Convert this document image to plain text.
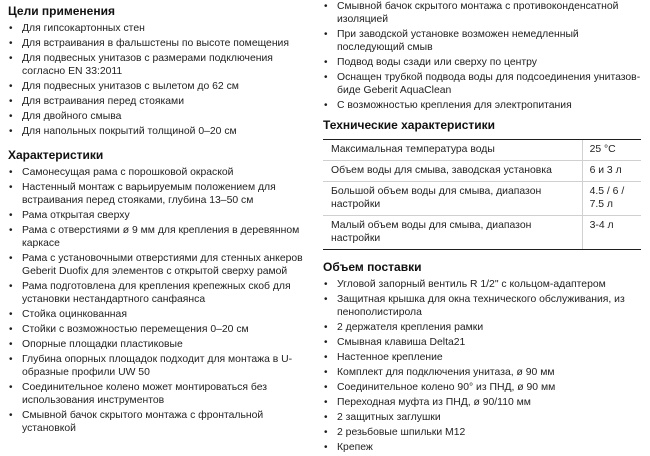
Цели применения
• Для гипсокартонных стен
• Для встраивания в фальшстены по высоте помещения
• Для подвесных унитазов с размерами подключения согласно EN 33:2011
• Для подвесных унитазов с вылетом до 62 см
• Для встраивания перед стояками
• Для двойного смыва
• Для напольных покрытий толщиной 0–20 см
Характеристики
• Самонесущая рама с порошковой окраской
• Настенный монтаж с варьируемым положением для встраивания перед стояками, глубина 13–50 см
• Рама открытая сверху
• Рама с отверстиями ø 9 мм для крепления в деревянном каркасе
• Рама с установочными отверстиями для стенных анкеров Geberit Duofix для элементов с открытой сверху рамой
• Рама подготовлена для крепления крепежных скоб для установки нестандартного санфаянса
• Стойка оцинкованная
• Стойки с возможностью перемещения 0–20 см
• Опорные площадки пластиковые
• Глубина опорных площадок подходит для монтажа в U-образные профили UW 50
• Соединительное колено может монтироваться без использования инструментов
• Смывной бачок скрытого монтажа с фронтальной установкой
• Смывной бачок скрытого монтажа с противоконденсатной изоляцией
• При заводской установке возможен немедленный последующий смыв
• Подвод воды сзади или сверху по центру
• Оснащен трубкой подвода воды для подсоединения унитазов-биде Geberit AquaClean
• С возможностью крепления для электропитания
Технические характеристики
Максимальная температура воды	25 °C
Объем воды для смыва, заводская установка	6 и 3 л
Большой объем воды для смыва, диапазон настройки	4.5 / 6 / 7.5 л
Малый объем воды для смыва, диапазон настройки	3-4 л
Объем поставки
• Угловой запорный вентиль R 1/2" с кольцом-адаптером
• Защитная крышка для окна технического обслуживания, из пенополистирола
• 2 держателя крепления рамки
• Смывная клавиша Delta21
• Настенное крепление
• Комплект для подключения унитаза, ø 90 мм
• Соединительное колено 90° из ПНД, ø 90 мм
• Переходная муфта из ПНД, ø 90/110 мм
• 2 защитных заглушки
• 2 резьбовые шпильки M12
• Крепеж
